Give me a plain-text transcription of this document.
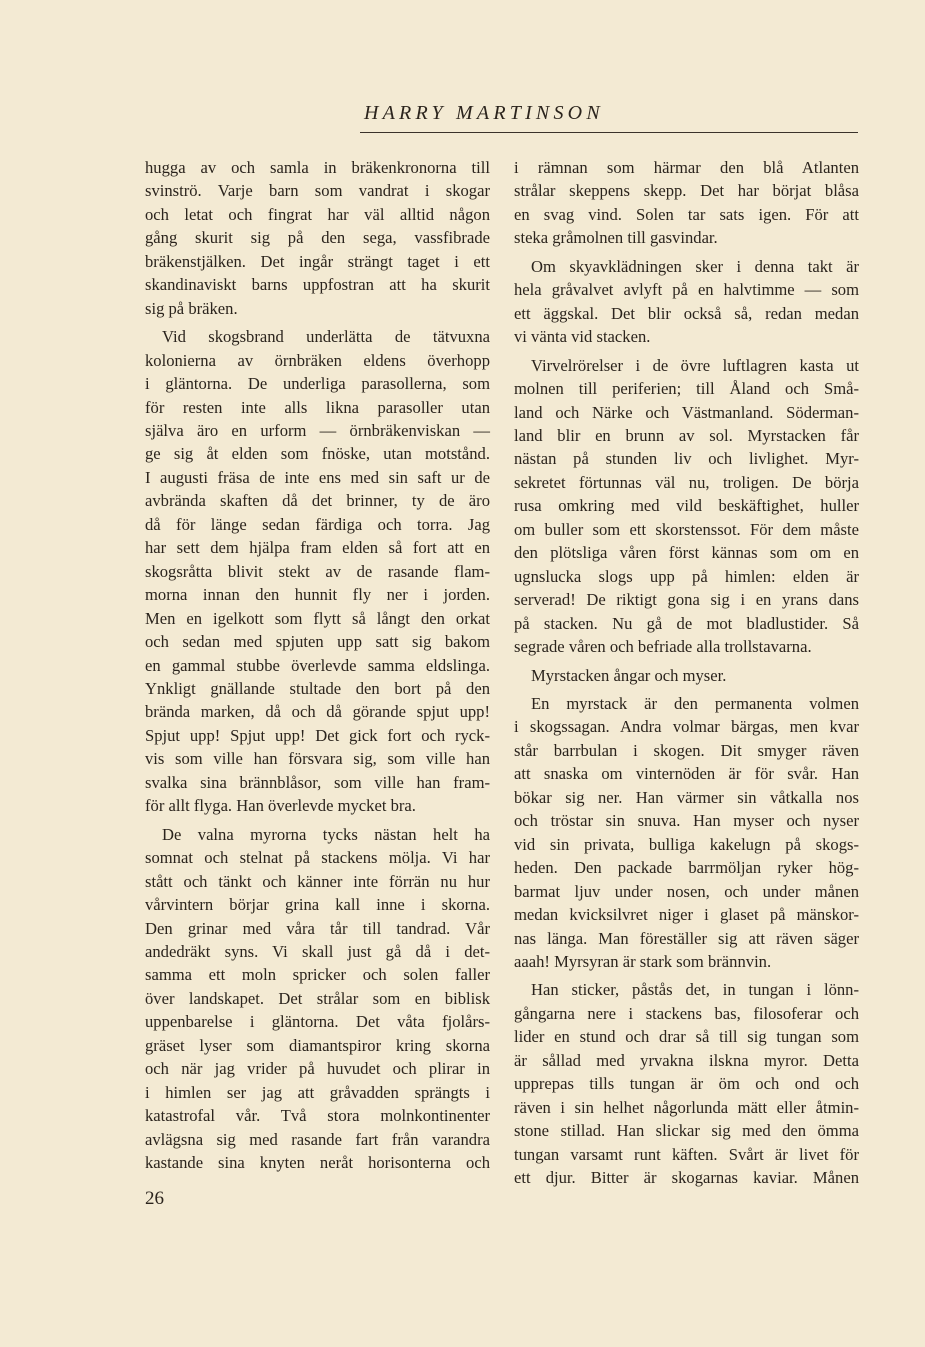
HARRY MARTINSON
hugga av och samla in bräkenkronorna till
svinströ. Varje barn som vandrat i skogar
och letat och fingrat har väl alltid någon
gång skurit sig på den sega, vassfibrade
bräkenstjälken. Det ingår strängt taget i ett
skandinaviskt barns uppfostran att ha skurit
sig på bräken.
Vid skogsbrand underlätta de tätvuxna
kolonierna av örnbräken eldens överhopp
i gläntorna. De underliga parasollerna, som
för resten inte alls likna parasoller utan
själva äro en urform — örnbräkenviskan —
ge sig åt elden som fnöske, utan motstånd.
I augusti fräsa de inte ens med sin saft ur de
avbrända skaften då det brinner, ty de äro
då för länge sedan färdiga och torra. Jag
har sett dem hjälpa fram elden så fort att en
skogsråtta blivit stekt av de rasande flam-
morna innan den hunnit fly ner i jorden.
Men en igelkott som flytt så långt den orkat
och sedan med spjuten upp satt sig bakom
en gammal stubbe överlevde samma eldslinga.
Ynkligt gnällande stultade den bort på den
brända marken, då och då görande spjut upp!
Spjut upp! Spjut upp! Det gick fort och ryck-
vis som ville han försvara sig, som ville han
svalka sina brännblåsor, som ville han fram-
för allt flyga. Han överlevde mycket bra.
De valna myrorna tycks nästan helt ha
somnat och stelnat på stackens mölja. Vi har
stått och tänkt och känner inte förrän nu hur
vårvintern börjar grina kall inne i skorna.
Den grinar med våra tår till tandrad. Vår
andedräkt syns. Vi skall just gå då i det-
samma ett moln spricker och solen faller
över landskapet. Det strålar som en biblisk
uppenbarelse i gläntorna. Det våta fjolårs-
gräset lyser som diamantspiror kring skorna
och när jag vrider på huvudet och plirar in
i himlen ser jag att gråvadden sprängts i
katastrofal vår. Två stora molnkontinenter
avlägsna sig med rasande fart från varandra
kastande sina knyten neråt horisonterna och
i rämnan som härmar den blå Atlanten
strålar skeppens skepp. Det har börjat blåsa
en svag vind. Solen tar sats igen. För att
steka gråmolnen till gasvindar.
Om skyavklädningen sker i denna takt är
hela gråvalvet avlyft på en halvtimme — som
ett äggskal. Det blir också så, redan medan
vi vänta vid stacken.
Virvelrörelser i de övre luftlagren kasta ut
molnen till periferien; till Åland och Små-
land och Närke och Västmanland. Söderman-
land blir en brunn av sol. Myrstacken får
nästan på stunden liv och livlighet. Myr-
sekretet förtunnas väl nu, troligen. De börja
rusa omkring med vild beskäftighet, huller
om buller som ett skorstenssot. För dem måste
den plötsliga våren först kännas som om en
ugnslucka slogs upp på himlen: elden är
serverad! De riktigt gona sig i en yrans dans
på stacken. Nu gå de mot bladlustider. Så
segrade våren och befriade alla trollstavarna.
Myrstacken ångar och myser.
En myrstack är den permanenta volmen
i skogssagan. Andra volmar bärgas, men kvar
står barrbulan i skogen. Dit smyger räven
att snaska om vinternöden är för svår. Han
bökar sig ner. Han värmer sin våtkalla nos
och tröstar sin snuva. Han myser och nyser
vid sin privata, bulliga kakelugn på skogs-
heden. Den packade barrmöljan ryker hög-
barmat ljuv under nosen, och under månen
medan kvicksilvret niger i glaset på mänskor-
nas länga. Man föreställer sig att räven säger
aaah! Myrsyran är stark som brännvin.
Han sticker, påstås det, in tungan i lönn-
gångarna nere i stackens bas, filosoferar och
lider en stund och drar så till sig tungan som
är sållad med yrvakna ilskna myror. Detta
upprepas tills tungan är öm och ond och
räven i sin helhet någorlunda mätt eller åtmin-
stone stillad. Han slickar sig med den ömma
tungan varsamt runt käften. Svårt är livet för
ett djur. Bitter är skogarnas kaviar. Månen
26
